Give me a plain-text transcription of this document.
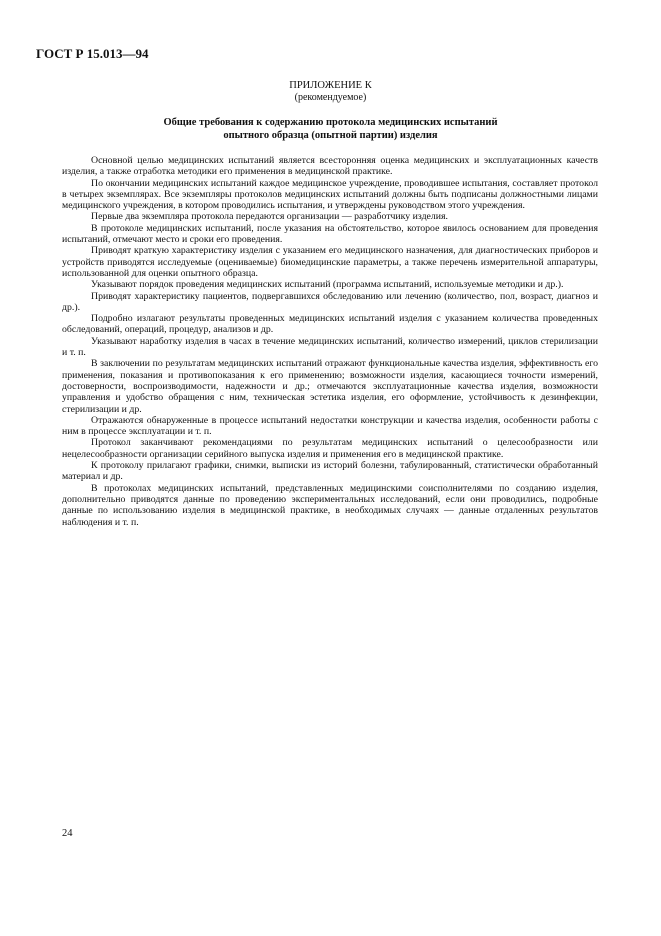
ГОСТ Р 15.013—94
ПРИЛОЖЕНИЕ К
(рекомендуемое)
Общие требования к содержанию протокола медицинских испытаний
опытного образца (опытной партии) изделия

Основной целью медицинских испытаний является всесторонняя оценка медицинских и эксплуатационных качеств изделия, а также отработка методики его применения в медицинской практике.

По окончании медицинских испытаний каждое медицинское учреждение, проводившее испытания, составляет протокол в четырех экземплярах. Все экземпляры протоколов медицинских испытаний должны быть подписаны должностными лицами медицинского учреждения, в котором проводились испытания, и утверждены руководством этого учреждения.

Первые два экземпляра протокола передаются организации — разработчику изделия.

В протоколе медицинских испытаний, после указания на обстоятельство, которое явилось основанием для проведения испытаний, отмечают место и сроки его проведения.

Приводят краткую характеристику изделия с указанием его медицинского назначения, для диагностических приборов и устройств приводятся исследуемые (оцениваемые) биомедицинские параметры, а также перечень измерительной аппаратуры, использованной для оценки опытного образца.

Указывают порядок проведения медицинских испытаний (программа испытаний, используемые методики и др.).

Приводят характеристику пациентов, подвергавшихся обследованию или лечению (количество, пол, возраст, диагноз и др.).

Подробно излагают результаты проведенных медицинских испытаний изделия с указанием количества проведенных обследований, операций, процедур, анализов и др.

Указывают наработку изделия в часах в течение медицинских испытаний, количество измерений, циклов стерилизации и т. п.

В заключении по результатам медицинских испытаний отражают функциональные качества изделия, эффективность его применения, показания и противопоказания к его применению; возможности изделия, касающиеся точности измерений, достоверности, воспроизводимости, надежности и др.; отмечаются эксплуатационные качества изделия, возможности управления и удобство обращения с ним, техническая эстетика изделия, его оформление, устойчивость к дезинфекции, стерилизации и др.

Отражаются обнаруженные в процессе испытаний недостатки конструкции и качества изделия, особенности работы с ним в процессе эксплуатации и т. п.

Протокол заканчивают рекомендациями по результатам медицинских испытаний о целесообразности или нецелесообразности организации серийного выпуска изделия и применения его в медицинской практике.

К протоколу прилагают графики, снимки, выписки из историй болезни, табулированный, статистически обработанный материал и др.

В протоколах медицинских испытаний, представленных медицинскими соисполнителями по созданию изделия, дополнительно приводятся данные по проведению экспериментальных исследований, если они проводились, подробные данные по использованию изделия в медицинской практике, в необходимых случаях — данные отдаленных результатов наблюдения и т. п.

24
